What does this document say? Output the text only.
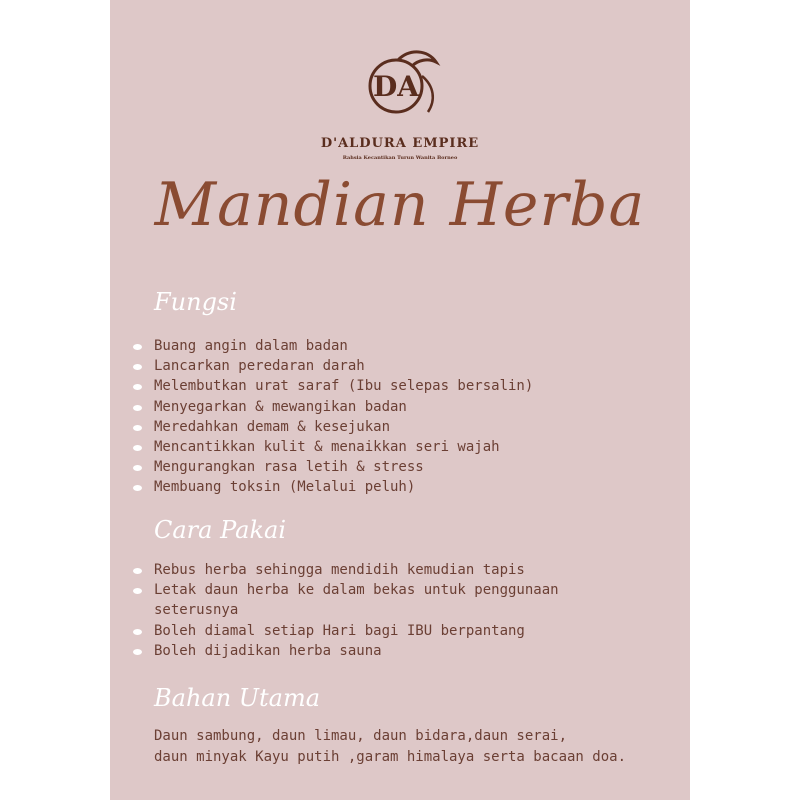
DA
D'ALDURA EMPIRE
Rahsia Kecantikan Turun Wanita Borneo
Mandian Herba
Fungsi
Buang angin dalam badan
Lancarkan peredaran darah
Melembutkan urat saraf (Ibu selepas bersalin)
Menyegarkan & mewangikan badan
Meredahkan demam & kesejukan
Mencantikkan kulit & menaikkan seri wajah
Mengurangkan rasa letih & stress
Membuang toksin (Melalui peluh)
Cara Pakai
Rebus herba sehingga mendidih kemudian tapis
Letak daun herba ke dalam bekas untuk penggunaan
seterusnya
Boleh diamal setiap Hari bagi IBU berpantang
Boleh dijadikan herba sauna
Bahan Utama
Daun sambung, daun limau, daun bidara,daun serai,
daun minyak Kayu putih ,garam himalaya serta bacaan doa.
